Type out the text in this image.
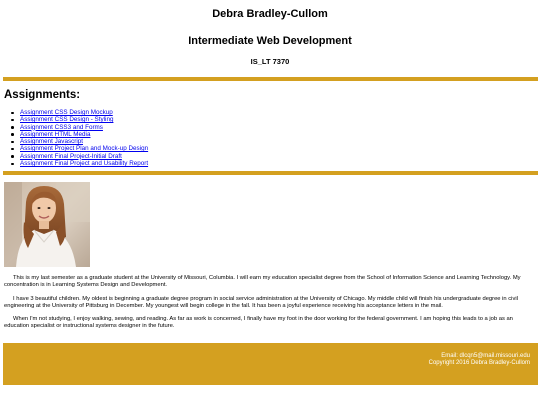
Debra Bradley-Cullom
Intermediate Web Development
IS_LT 7370
Assignments:
Assignment CSS Design Mockup
Assignment CSS Design - Styling
Assignment CSS3 and Forms
Assignment HTML Media
Assignment Javascript
Assignment Project Plan and Mock-up Design
Assignment Final Project-Initial Draft
Assignment Final Project and Usability Report

This is my last semester as a graduate student at the University of Missouri, Columbia. I will earn my education specialist degree from the School of Information Science and Learning Technology. My concentration is in Learning Systems Design and Development.

I have 3 beautiful children. My oldest is beginning a graduate degree program in social service administration at the University of Chicago. My middle child will finish his undergraduate degree in civil engineering at the University of Pittsburg in December. My youngest will begin college in the fall. It has been a joyful experience receiving his acceptance letters in the mail.

When I'm not studying, I enjoy walking, sewing, and reading. As far as work is concerned, I finally have my foot in the door working for the federal government. I am hoping this leads to a job as an education specialist or instructional systems designer in the future.

Email: dlcqn5@mail.missouri.edu
Copyright 2016 Debra Bradley-Cullom
